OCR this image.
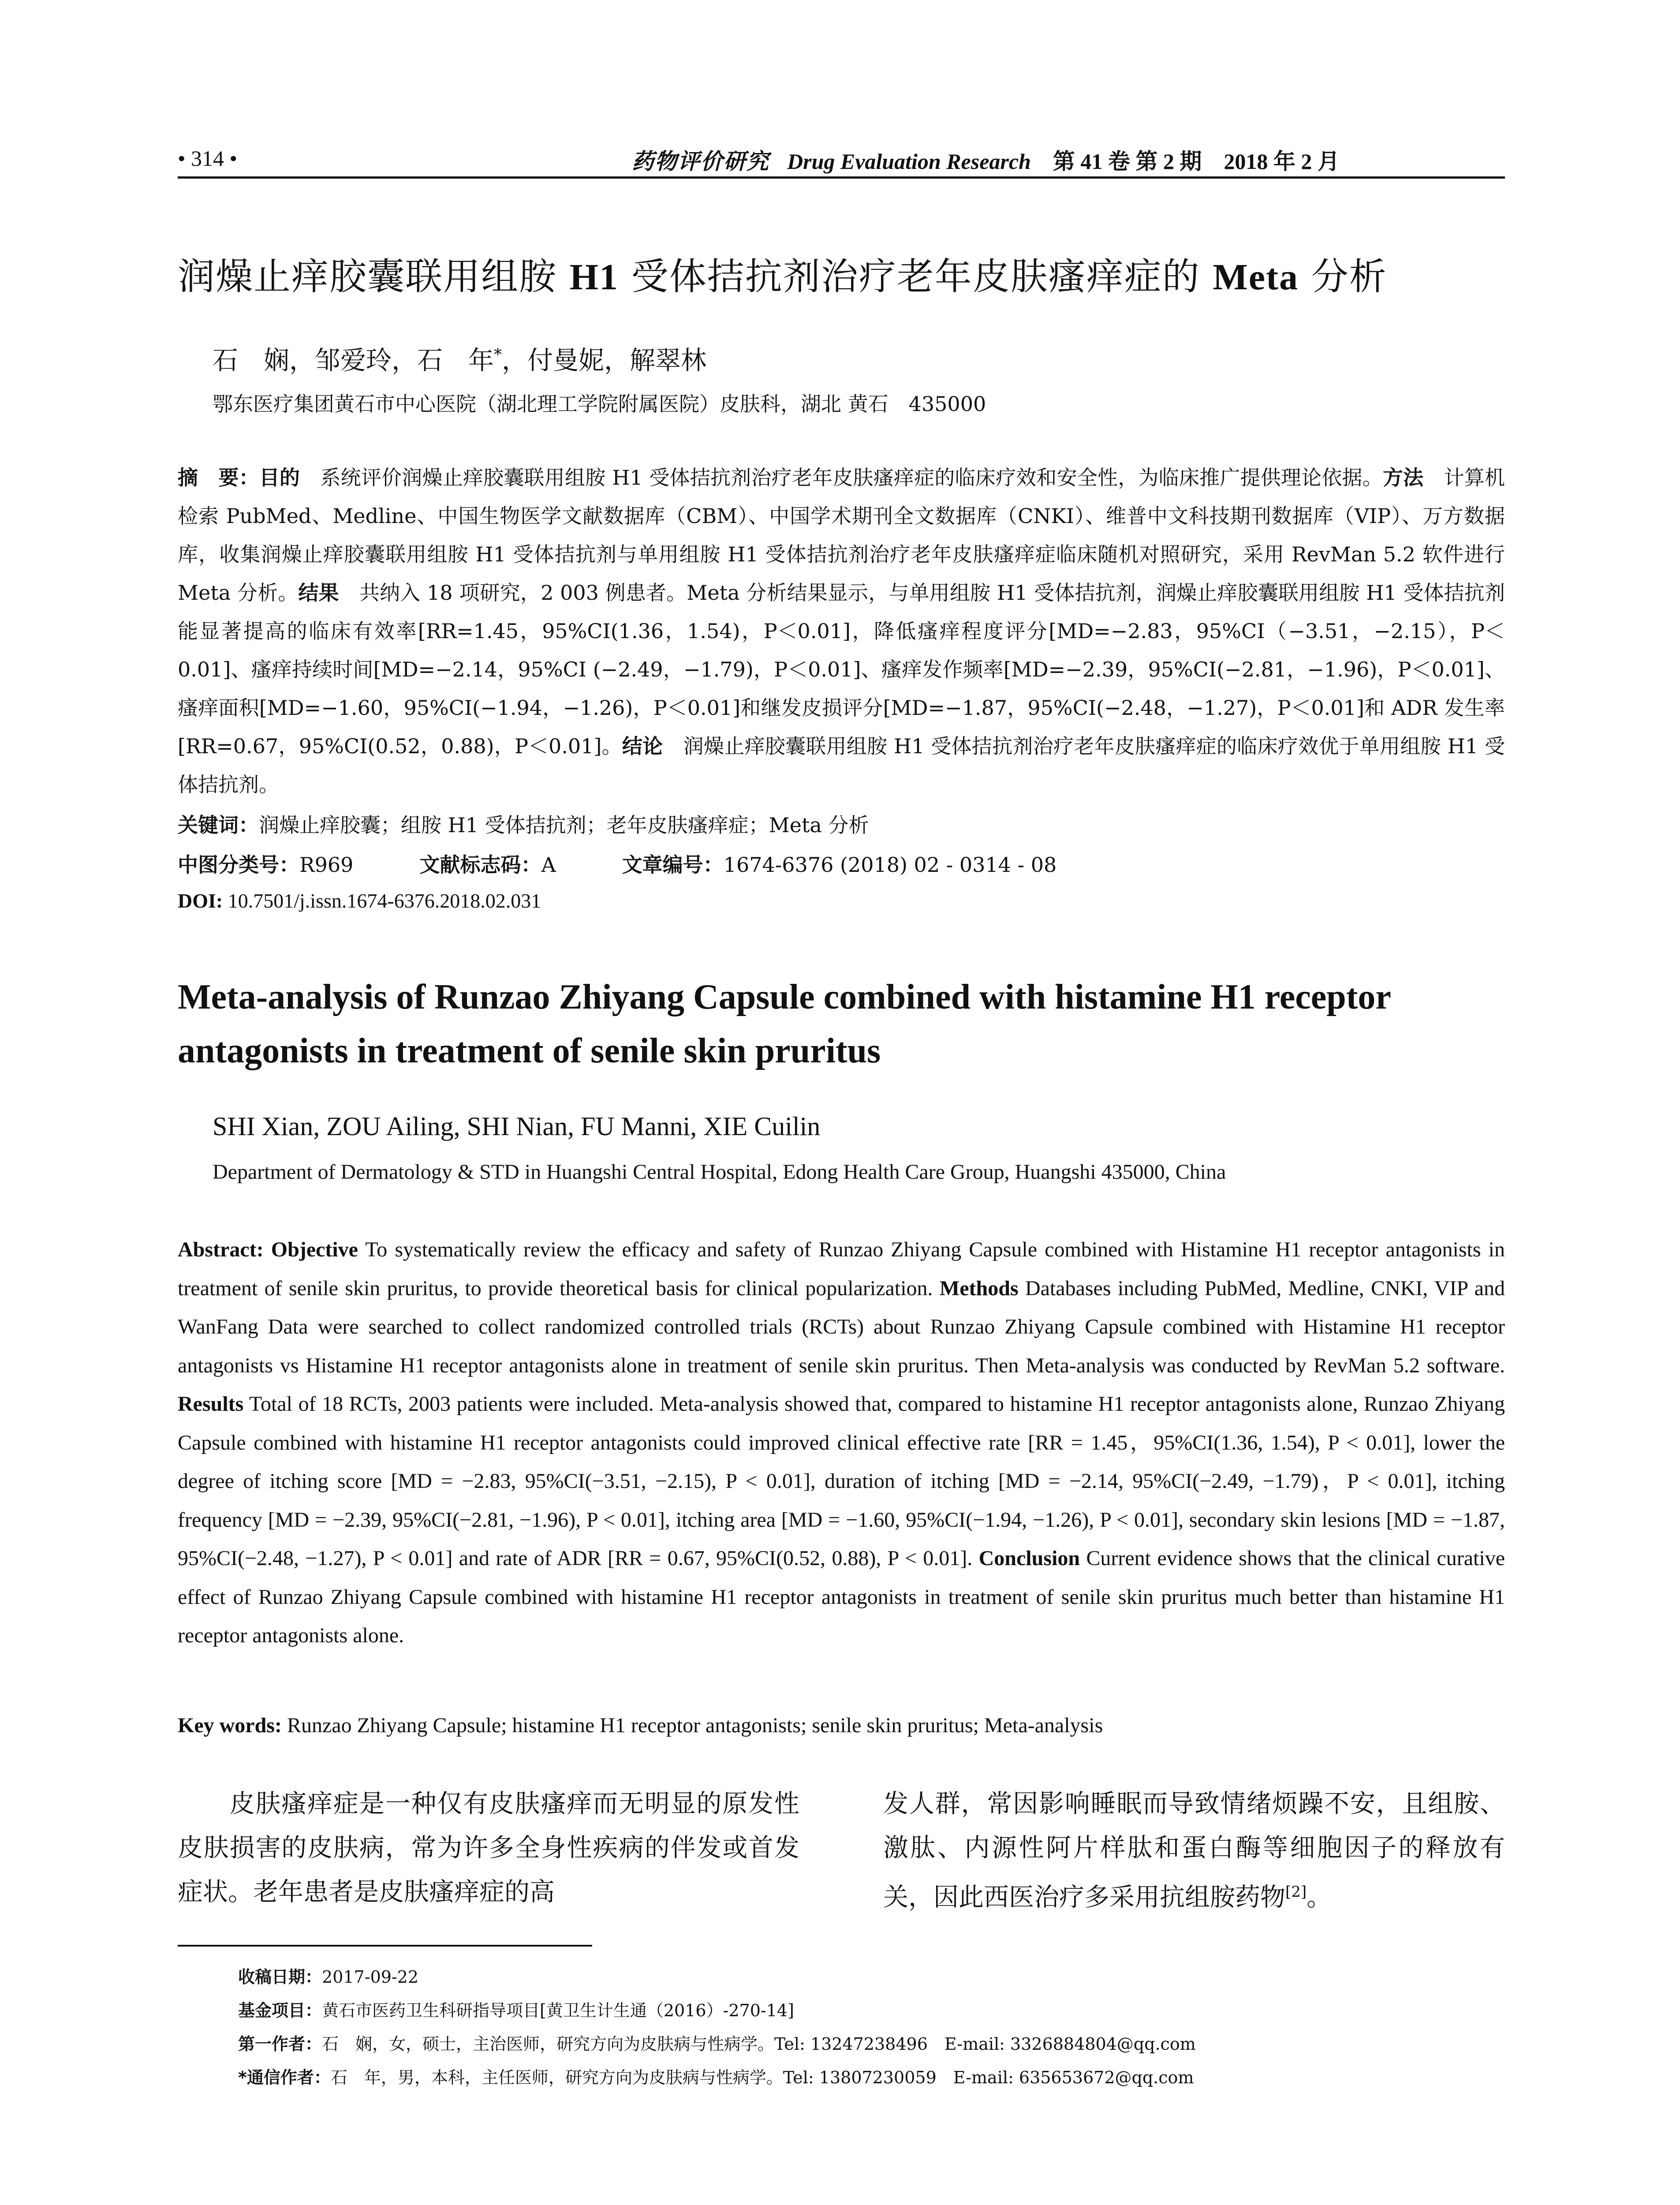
• 314 •	药物评价研究 Drug Evaluation Research 第 41 卷 第 2 期　2018 年 2 月
润燥止痒胶囊联用组胺 H1 受体拮抗剂治疗老年皮肤瘙痒症的 Meta 分析
石　娴，邹爱玲，石　年*，付曼妮，解翠林
鄂东医疗集团黄石市中心医院（湖北理工学院附属医院）皮肤科，湖北 黄石　435000
摘　要：目的　系统评价润燥止痒胶囊联用组胺 H1 受体拮抗剂治疗老年皮肤瘙痒症的临床疗效和安全性，为临床推广提供理论依据。方法　计算机检索 PubMed、Medline、中国生物医学文献数据库（CBM）、中国学术期刊全文数据库（CNKI）、维普中文科技期刊数据库（VIP）、万方数据库，收集润燥止痒胶囊联用组胺 H1 受体拮抗剂与单用组胺 H1 受体拮抗剂治疗老年皮肤瘙痒症临床随机对照研究，采用 RevMan 5.2 软件进行 Meta 分析。结果　共纳入 18 项研究，2 003 例患者。Meta 分析结果显示，与单用组胺 H1 受体拮抗剂，润燥止痒胶囊联用组胺 H1 受体拮抗剂能显著提高的临床有效率[RR=1.45，95%CI(1.36，1.54)，P＜0.01]，降低瘙痒程度评分[MD=−2.83，95%CI（−3.51，−2.15），P＜0.01]、瘙痒持续时间[MD=−2.14，95%CI (−2.49，−1.79)，P＜0.01]、瘙痒发作频率[MD=−2.39，95%CI(−2.81，−1.96)，P＜0.01]、瘙痒面积[MD=−1.60，95%CI(−1.94，−1.26)，P＜0.01]和继发皮损评分[MD=−1.87，95%CI(−2.48，−1.27)，P＜0.01]和 ADR 发生率[RR=0.67，95%CI(0.52，0.88)，P＜0.01]。结论　润燥止痒胶囊联用组胺 H1 受体拮抗剂治疗老年皮肤瘙痒症的临床疗效优于单用组胺 H1 受体拮抗剂。
关键词：润燥止痒胶囊；组胺 H1 受体拮抗剂；老年皮肤瘙痒症；Meta 分析
中图分类号：R969	文献标志码：A	文章编号：1674-6376 (2018) 02 - 0314 - 08
DOI: 10.7501/j.issn.1674-6376.2018.02.031
Meta-analysis of Runzao Zhiyang Capsule combined with histamine H1 receptor antagonists in treatment of senile skin pruritus
SHI Xian, ZOU Ailing, SHI Nian, FU Manni, XIE Cuilin
Department of Dermatology & STD in Huangshi Central Hospital, Edong Health Care Group, Huangshi 435000, China
Abstract: Objective To systematically review the efficacy and safety of Runzao Zhiyang Capsule combined with Histamine H1 receptor antagonists in treatment of senile skin pruritus, to provide theoretical basis for clinical popularization. Methods Databases including PubMed, Medline, CNKI, VIP and WanFang Data were searched to collect randomized controlled trials (RCTs) about Runzao Zhiyang Capsule combined with Histamine H1 receptor antagonists vs Histamine H1 receptor antagonists alone in treatment of senile skin pruritus. Then Meta-analysis was conducted by RevMan 5.2 software. Results Total of 18 RCTs, 2003 patients were included. Meta-analysis showed that, compared to histamine H1 receptor antagonists alone, Runzao Zhiyang Capsule combined with histamine H1 receptor antagonists could improved clinical effective rate [RR = 1.45，95%CI(1.36, 1.54), P < 0.01], lower the degree of itching score [MD = −2.83, 95%CI(−3.51, −2.15), P < 0.01], duration of itching [MD = −2.14, 95%CI(−2.49, −1.79)，P < 0.01], itching frequency [MD = −2.39, 95%CI(−2.81, −1.96), P < 0.01], itching area [MD = −1.60, 95%CI(−1.94, −1.26), P < 0.01], secondary skin lesions [MD = −1.87, 95%CI(−2.48, −1.27), P < 0.01] and rate of ADR [RR = 0.67, 95%CI(0.52, 0.88), P < 0.01]. Conclusion Current evidence shows that the clinical curative effect of Runzao Zhiyang Capsule combined with histamine H1 receptor antagonists in treatment of senile skin pruritus much better than histamine H1 receptor antagonists alone.
Key words: Runzao Zhiyang Capsule; histamine H1 receptor antagonists; senile skin pruritus; Meta-analysis
　　皮肤瘙痒症是一种仅有皮肤瘙痒而无明显的原发性皮肤损害的皮肤病，常为许多全身性疾病的伴发或首发症状。老年患者是皮肤瘙痒症的高
发人群，常因影响睡眠而导致情绪烦躁不安，且组胺、激肽、内源性阿片样肽和蛋白酶等细胞因子的释放有关，因此西医治疗多采用抗组胺药物[2]。
收稿日期：2017-09-22
基金项目：黄石市医药卫生科研指导项目[黄卫生计生通（2016）-270-14]
第一作者：石　娴，女，硕士，主治医师，研究方向为皮肤病与性病学。Tel: 13247238496　E-mail: 3326884804@qq.com
*通信作者：石　年，男，本科，主任医师，研究方向为皮肤病与性病学。Tel: 13807230059　E-mail: 635653672@qq.com
